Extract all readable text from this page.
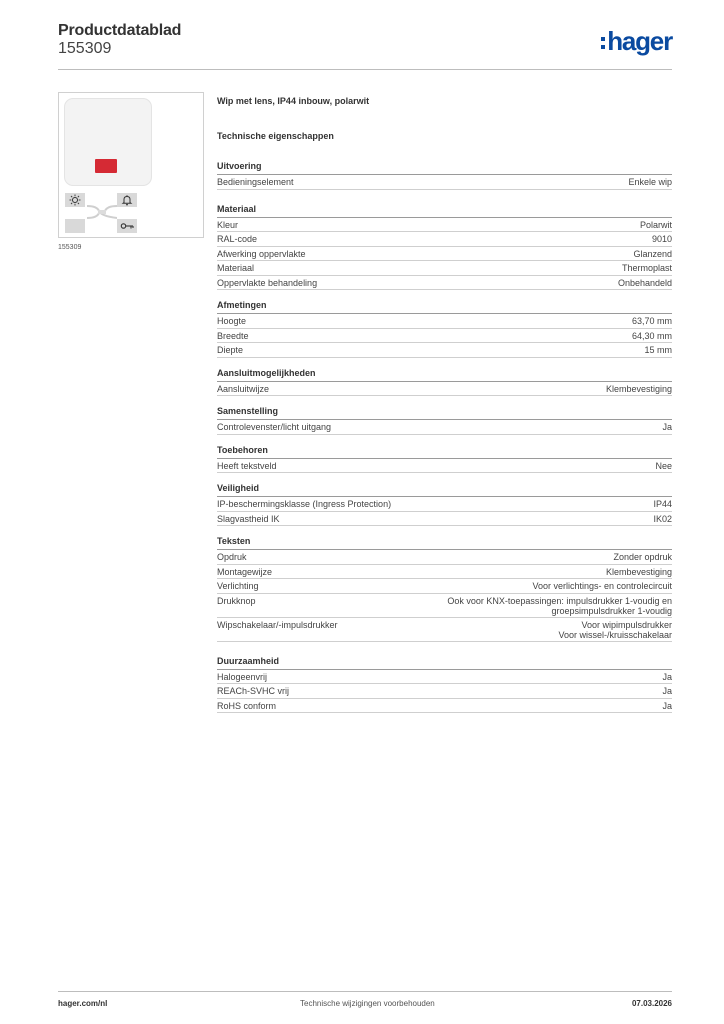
Productdatablad
155309	hager
155309
Wip met lens, IP44 inbouw, polarwit
Technische eigenschappen
Uitvoering
Bedieningselement	Enkele wip
Materiaal
Kleur	Polarwit
RAL-code	9010
Afwerking oppervlakte	Glanzend
Materiaal	Thermoplast
Oppervlakte behandeling	Onbehandeld
Afmetingen
Hoogte	63,70 mm
Breedte	64,30 mm
Diepte	15 mm
Aansluitmogelijkheden
Aansluitwijze	Klembevestiging
Samenstelling
Controlevenster/licht uitgang	Ja
Toebehoren
Heeft tekstveld	Nee
Veiligheid
IP-beschermingsklasse (Ingress Protection)	IP44
Slagvastheid IK	IK02
Teksten
Opdruk	Zonder opdruk
Montagewijze	Klembevestiging
Verlichting	Voor verlichtings- en controlecircuit
Drukknop	Ook voor KNX-toepassingen: impulsdrukker 1-voudig en
groepsimpulsdrukker 1-voudig
Wipschakelaar/-impulsdrukker	Voor wipimpulsdrukker
Voor wissel-/kruisschakelaar
Duurzaamheid
Halogeenvrij	Ja
REACh-SVHC vrij	Ja
RoHS conform	Ja
hager.com/nl	Technische wijzigingen voorbehouden	07.03.2026
